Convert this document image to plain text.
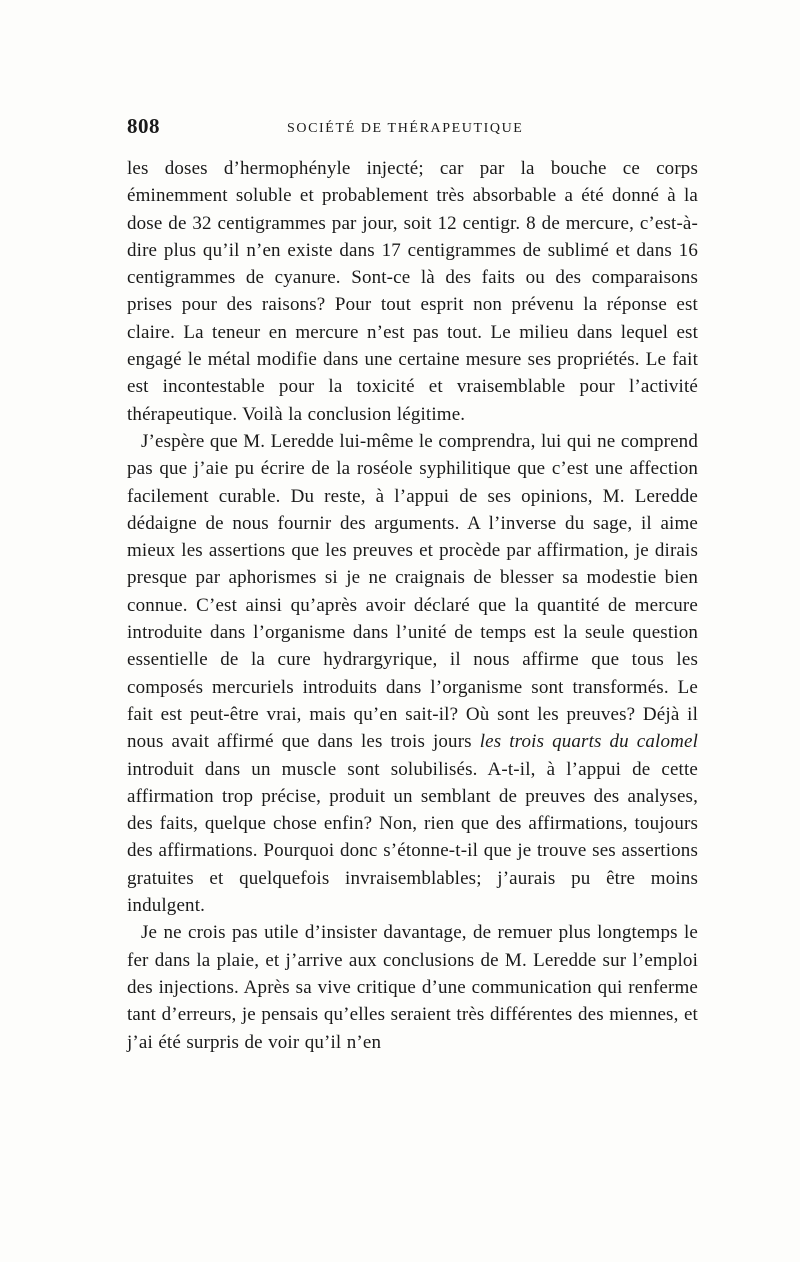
808	SOCIÉTÉ DE THÉRAPEUTIQUE

les doses d’hermophényle injecté; car par la bouche ce corps éminemment soluble et probablement très absorbable a été donné à la dose de 32 centigrammes par jour, soit 12 centigr. 8 de mercure, c’est-à-dire plus qu’il n’en existe dans 17 centigrammes de sublimé et dans 16 centigrammes de cyanure. Sont-ce là des faits ou des comparaisons prises pour des raisons? Pour tout esprit non prévenu la réponse est claire. La teneur en mercure n’est pas tout. Le milieu dans lequel est engagé le métal modifie dans une certaine mesure ses propriétés. Le fait est incontestable pour la toxicité et vraisemblable pour l’activité thérapeutique. Voilà la conclusion légitime.

J’espère que M. Leredde lui-même le comprendra, lui qui ne comprend pas que j’aie pu écrire de la roséole syphilitique que c’est une affection facilement curable. Du reste, à l’appui de ses opinions, M. Leredde dédaigne de nous fournir des arguments. A l’inverse du sage, il aime mieux les assertions que les preuves et procède par affirmation, je dirais presque par aphorismes si je ne craignais de blesser sa modestie bien connue. C’est ainsi qu’après avoir déclaré que la quantité de mercure introduite dans l’organisme dans l’unité de temps est la seule question essentielle de la cure hydrargyrique, il nous affirme que tous les composés mercuriels introduits dans l’organisme sont transformés. Le fait est peut-être vrai, mais qu’en sait-il? Où sont les preuves? Déjà il nous avait affirmé que dans les trois jours les trois quarts du calomel introduit dans un muscle sont solubilisés. A-t-il, à l’appui de cette affirmation trop précise, produit un semblant de preuves des analyses, des faits, quelque chose enfin? Non, rien que des affirmations, toujours des affirmations. Pourquoi donc s’étonne-t-il que je trouve ses assertions gratuites et quelquefois invraisemblables; j’aurais pu être moins indulgent.

Je ne crois pas utile d’insister davantage, de remuer plus longtemps le fer dans la plaie, et j’arrive aux conclusions de M. Leredde sur l’emploi des injections. Après sa vive critique d’une communication qui renferme tant d’erreurs, je pensais qu’elles seraient très différentes des miennes, et j’ai été surpris de voir qu’il n’en
